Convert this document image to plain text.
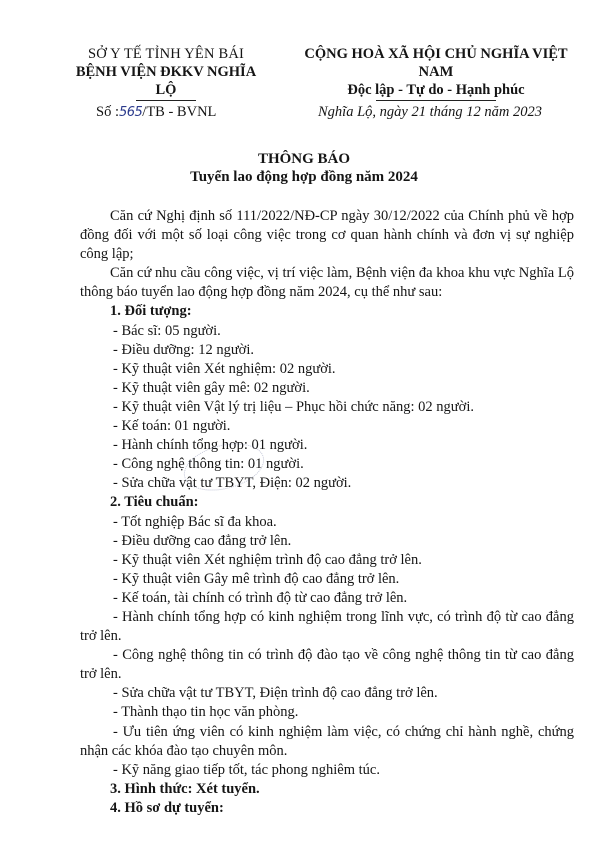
SỞ Y TẾ TỈNH YÊN BÁI
BỆNH VIỆN ĐKKV NGHĨA LỘ
CỘNG HOÀ XÃ HỘI CHỦ NGHĨA VIỆT NAM
Độc lập - Tự do - Hạnh phúc
Số :565/TB - BVNL	Nghĩa Lộ, ngày 21 tháng 12 năm 2023
THÔNG BÁO
Tuyển lao động hợp đồng năm 2024

Căn cứ Nghị định số 111/2022/NĐ-CP ngày 30/12/2022 của Chính phủ về hợp đồng đối với một số loại công việc trong cơ quan hành chính và đơn vị sự nghiệp công lập;

Căn cứ nhu cầu công việc, vị trí việc làm, Bệnh viện đa khoa khu vực Nghĩa Lộ thông báo tuyển lao động hợp đồng năm 2024, cụ thể như sau:

1. Đối tượng:

- Bác sĩ: 05 người.

- Điều dưỡng: 12 người.

- Kỹ thuật viên Xét nghiệm: 02 người.

- Kỹ thuật viên gây mê: 02 người.

- Kỹ thuật viên Vật lý trị liệu – Phục hồi chức năng: 02 người.

- Kế toán: 01 người.

- Hành chính tổng hợp: 01 người.

- Công nghệ thông tin: 01 người.

- Sửa chữa vật tư TBYT, Điện: 02 người.

2. Tiêu chuẩn:

- Tốt nghiệp Bác sĩ đa khoa.

- Điều dưỡng cao đẳng trở lên.

- Kỹ thuật viên Xét nghiệm trình độ cao đẳng trở lên.

- Kỹ thuật viên Gây mê trình độ cao đẳng trở lên.

- Kế toán, tài chính có trình độ từ cao đẳng trở lên.

- Hành chính tổng hợp có kinh nghiệm trong lĩnh vực, có trình độ từ cao đẳng trở lên.

- Công nghệ thông tin có trình độ đào tạo về công nghệ thông tin từ cao đẳng trở lên.

- Sửa chữa vật tư TBYT, Điện trình độ cao đẳng trở lên.

- Thành thạo tin học văn phòng.

- Ưu tiên ứng viên có kinh nghiệm làm việc, có chứng chỉ hành nghề, chứng nhận các khóa đào tạo chuyên môn.

- Kỹ năng giao tiếp tốt, tác phong nghiêm túc.

3. Hình thức: Xét tuyển.

4. Hồ sơ dự tuyển:
